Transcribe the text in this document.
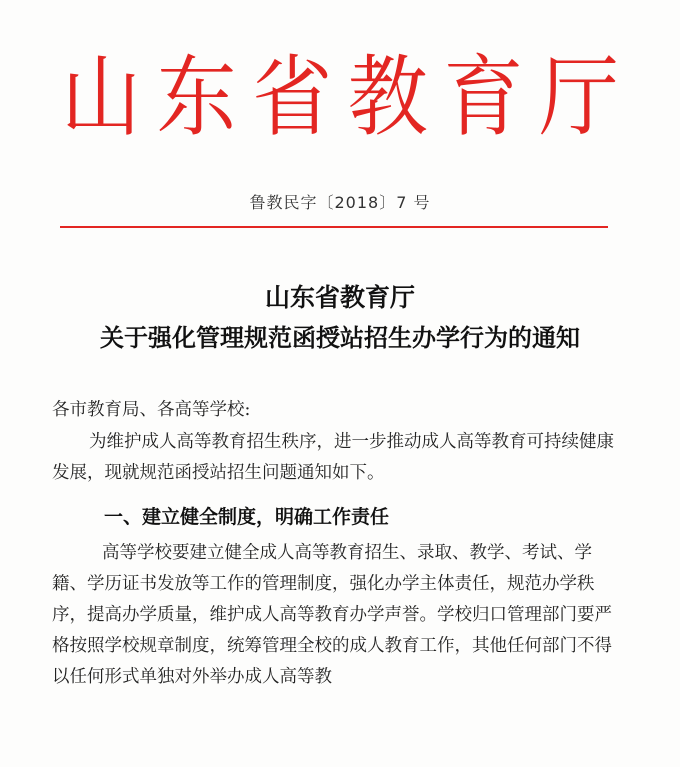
山 东 省 教 育 厅
鲁教民字〔2018〕7 号
山东省教育厅
关于强化管理规范函授站招生办学行为的通知
各市教育局、各高等学校:
为维护成人高等教育招生秩序，进一步推动成人高等教育可持续健康发展，现就规范函授站招生问题通知如下。
一、建立健全制度，明确工作责任
高等学校要建立健全成人高等教育招生、录取、教学、考试、学籍、学历证书发放等工作的管理制度，强化办学主体责任，规范办学秩序，提高办学质量，维护成人高等教育办学声誉。学校归口管理部门要严格按照学校规章制度，统筹管理全校的成人教育工作，其他任何部门不得以任何形式单独对外举办成人高等教
